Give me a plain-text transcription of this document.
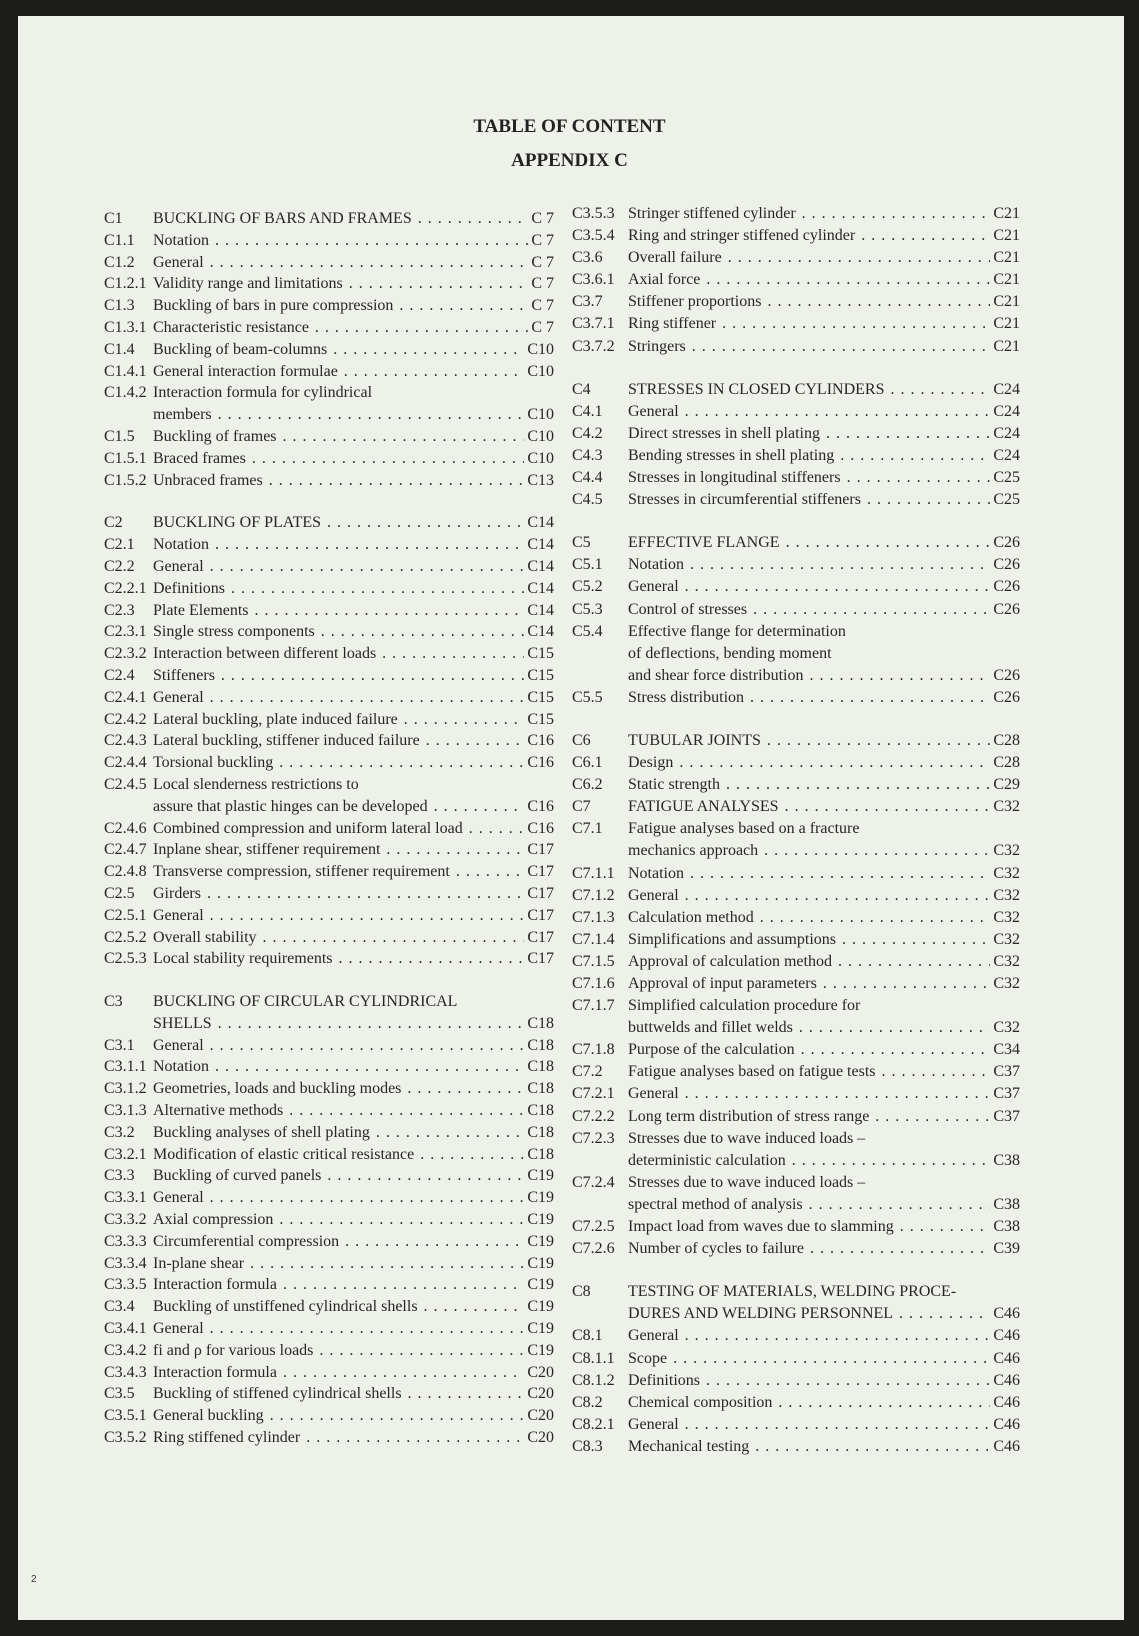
TABLE OF CONTENT
APPENDIX C
C1	BUCKLING OF BARS AND FRAMES . . .	C 7
C1.1	Notation . . .	C 7
C1.2	General . . .	C 7
C1.2.1 Validity range and limitations . . .	C 7
C1.3	Buckling of bars in pure compression . . .	C 7
C1.3.1 Characteristic resistance . . .	C 7
C1.4	Buckling of beam-columns . . .	C10
C1.4.1 General interaction formulae . . .	C10
C1.4.2 Interaction formula for cylindrical
members . . .	C10
C1.5	Buckling of frames . . .	C10
C1.5.1 Braced frames . . .	C10
C1.5.2 Unbraced frames . . .	C13
C2	BUCKLING OF PLATES . . .	C14
C2.1	Notation . . .	C14
C2.2	General . . .	C14
C2.2.1 Definitions . . .	C14
C2.3	Plate Elements . . .	C14
C2.3.1 Single stress components . . .	C14
C2.3.2 Interaction between different loads . . .	C15
C2.4	Stiffeners . . .	C15
C2.4.1 General . . .	C15
C2.4.2 Lateral buckling, plate induced failure . . .	C15
C2.4.3 Lateral buckling, stiffener induced failure . . .	C16
C2.4.4 Torsional buckling . . .	C16
C2.4.5 Local slenderness restrictions to
assure that plastic hinges can be developed . . .	C16
C2.4.6 Combined compression and uniform lateral load . . .	C16
C2.4.7 Inplane shear, stiffener requirement . . .	C17
C2.4.8 Transverse compression, stiffener requirement . . .	C17
C2.5	Girders . . .	C17
C2.5.1 General . . .	C17
C2.5.2 Overall stability . . .	C17
C2.5.3 Local stability requirements . . .	C17
C3	BUCKLING OF CIRCULAR CYLINDRICAL
SHELLS . . .	C18
C3.1	General . . .	C18
C3.1.1 Notation . . .	C18
C3.1.2 Geometries, loads and buckling modes . . .	C18
C3.1.3 Alternative methods . . .	C18
C3.2	Buckling analyses of shell plating . . .	C18
C3.2.1 Modification of elastic critical resistance . . .	C18
C3.3	Buckling of curved panels . . .	C19
C3.3.1 General . . .	C19
C3.3.2 Axial compression . . .	C19
C3.3.3 Circumferential compression . . .	C19
C3.3.4 In-plane shear . . .	C19
C3.3.5 Interaction formula . . .	C19
C3.4	Buckling of unstiffened cylindrical shells . . .	C19
C3.4.1 General . . .	C19
C3.4.2 fi and ρ for various loads . . .	C19
C3.4.3 Interaction formula . . .	C20
C3.5	Buckling of stiffened cylindrical shells . . .	C20
C3.5.1 General buckling . . .	C20
C3.5.2 Ring stiffened cylinder . . .	C20
C3.5.3 Stringer stiffened cylinder . . .	C21
C3.5.4 Ring and stringer stiffened cylinder . . .	C21
C3.6	Overall failure . . .	C21
C3.6.1 Axial force . . .	C21
C3.7	Stiffener proportions . . .	C21
C3.7.1 Ring stiffener . . .	C21
C3.7.2 Stringers . . .	C21
C4	STRESSES IN CLOSED CYLINDERS . . .	C24
C4.1	General . . .	C24
C4.2	Direct stresses in shell plating . . .	C24
C4.3	Bending stresses in shell plating . . .	C24
C4.4	Stresses in longitudinal stiffeners . . .	C25
C4.5	Stresses in circumferential stiffeners . . .	C25
C5	EFFECTIVE FLANGE . . .	C26
C5.1	Notation . . .	C26
C5.2	General . . .	C26
C5.3	Control of stresses . . .	C26
C5.4	Effective flange for determination
of deflections, bending moment
and shear force distribution . . .	C26
C5.5	Stress distribution . . .	C26
C6	TUBULAR JOINTS . . .	C28
C6.1	Design . . .	C28
C6.2	Static strength . . .	C29
C7	FATIGUE ANALYSES . . .	C32
C7.1	Fatigue analyses based on a fracture
mechanics approach . . .	C32
C7.1.1 Notation . . .	C32
C7.1.2 General . . .	C32
C7.1.3 Calculation method . . .	C32
C7.1.4 Simplifications and assumptions . . .	C32
C7.1.5 Approval of calculation method . . .	C32
C7.1.6 Approval of input parameters . . .	C32
C7.1.7 Simplified calculation procedure for
buttwelds and fillet welds . . .	C32
C7.1.8 Purpose of the calculation . . .	C34
C7.2	Fatigue analyses based on fatigue tests . . .	C37
C7.2.1 General . . .	C37
C7.2.2 Long term distribution of stress range . . .	C37
C7.2.3 Stresses due to wave induced loads –
deterministic calculation . . .	C38
C7.2.4 Stresses due to wave induced loads –
spectral method of analysis . . .	C38
C7.2.5 Impact load from waves due to slamming . . .	C38
C7.2.6 Number of cycles to failure . . .	C39
C8	TESTING OF MATERIALS, WELDING PROCE-
DURES AND WELDING PERSONNEL . . .	C46
C8.1	General . . .	C46
C8.1.1 Scope . . .	C46
C8.1.2 Definitions . . .	C46
C8.2	Chemical composition . . .	C46
C8.2.1 General . . .	C46
C8.3	Mechanical testing . . .	C46
2
